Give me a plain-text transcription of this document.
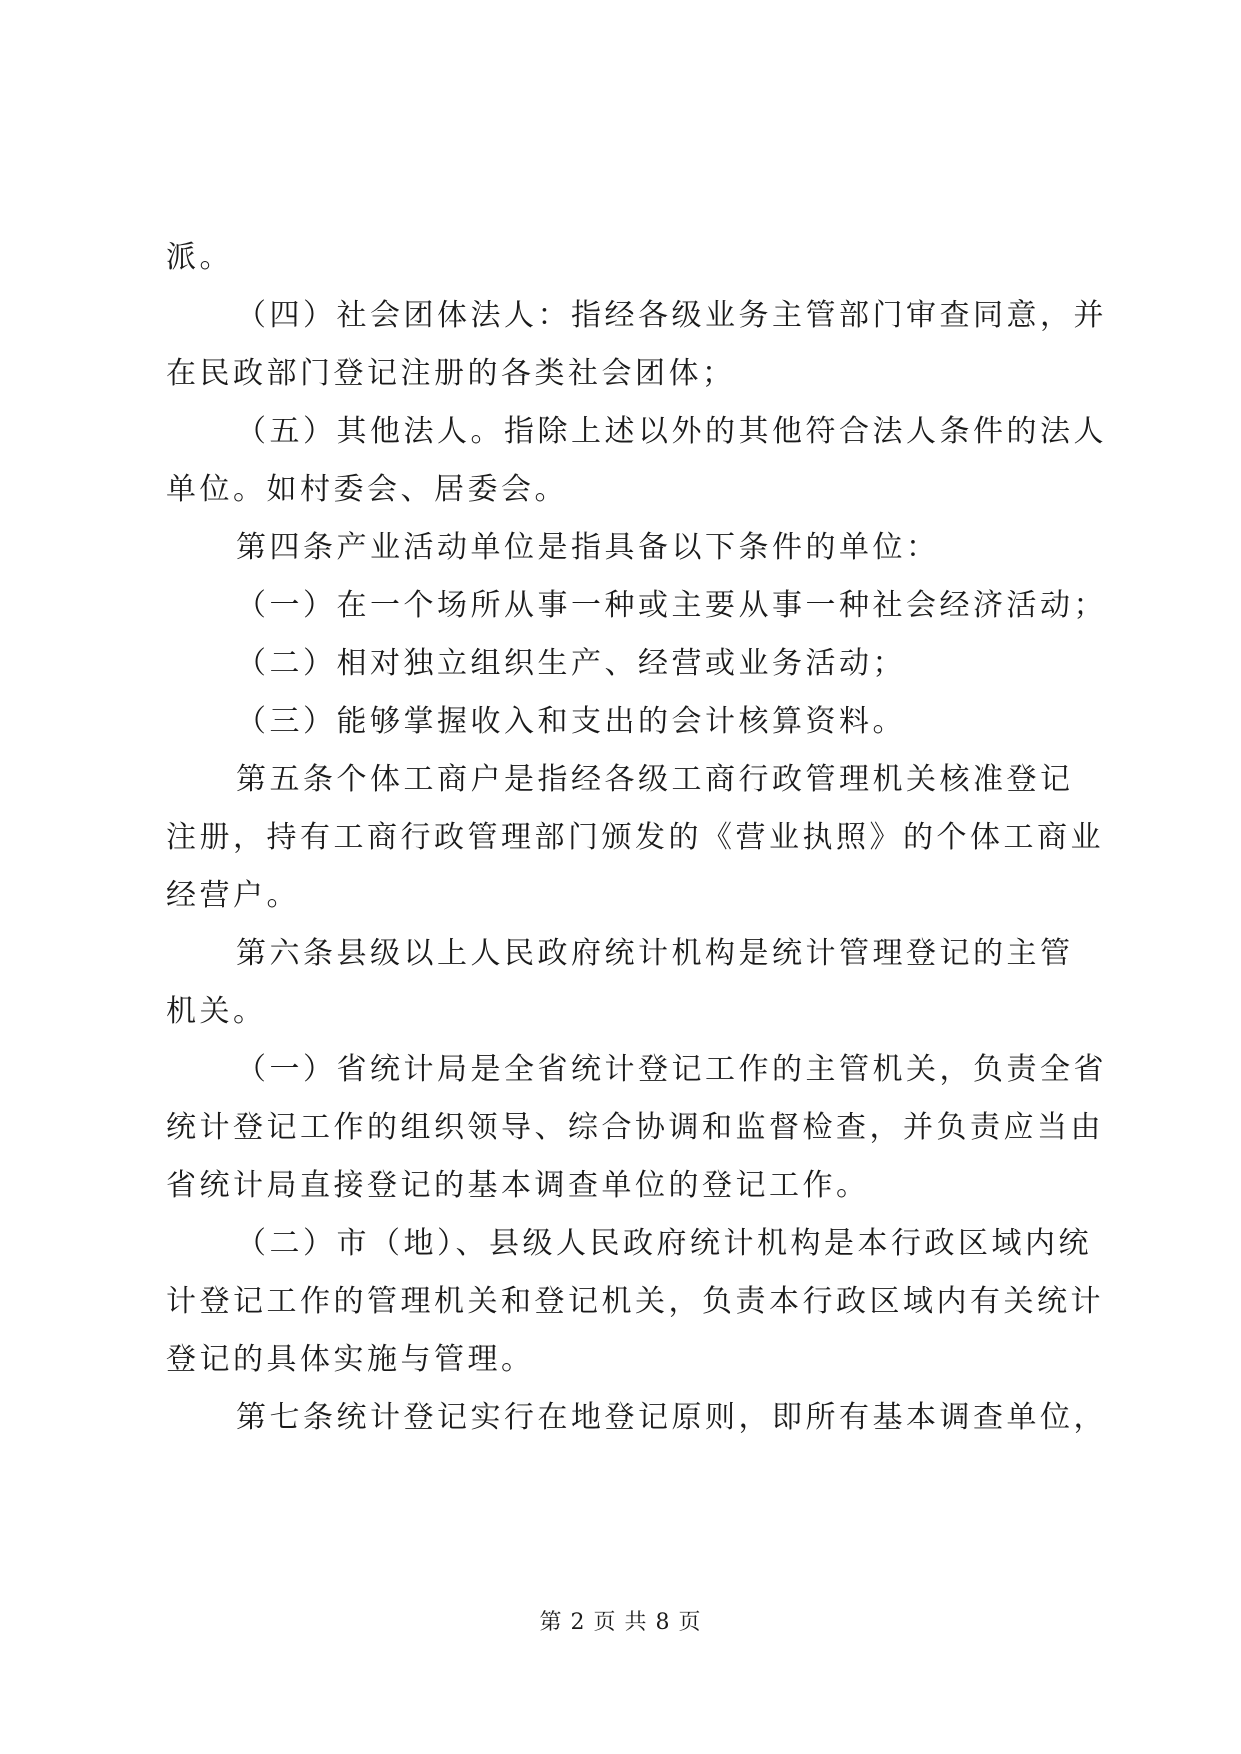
派。
（四）社会团体法人：指经各级业务主管部门审查同意，并
在民政部门登记注册的各类社会团体；
（五）其他法人。指除上述以外的其他符合法人条件的法人
单位。如村委会、居委会。
第四条产业活动单位是指具备以下条件的单位：
（一）在一个场所从事一种或主要从事一种社会经济活动；
（二）相对独立组织生产、经营或业务活动；
（三）能够掌握收入和支出的会计核算资料。
第五条个体工商户是指经各级工商行政管理机关核准登记
注册，持有工商行政管理部门颁发的《营业执照》的个体工商业
经营户。
第六条县级以上人民政府统计机构是统计管理登记的主管
机关。
（一）省统计局是全省统计登记工作的主管机关，负责全省
统计登记工作的组织领导、综合协调和监督检查，并负责应当由
省统计局直接登记的基本调查单位的登记工作。
（二）市（地）、县级人民政府统计机构是本行政区域内统
计登记工作的管理机关和登记机关，负责本行政区域内有关统计
登记的具体实施与管理。
第七条统计登记实行在地登记原则，即所有基本调查单位，
第 2 页 共 8 页
